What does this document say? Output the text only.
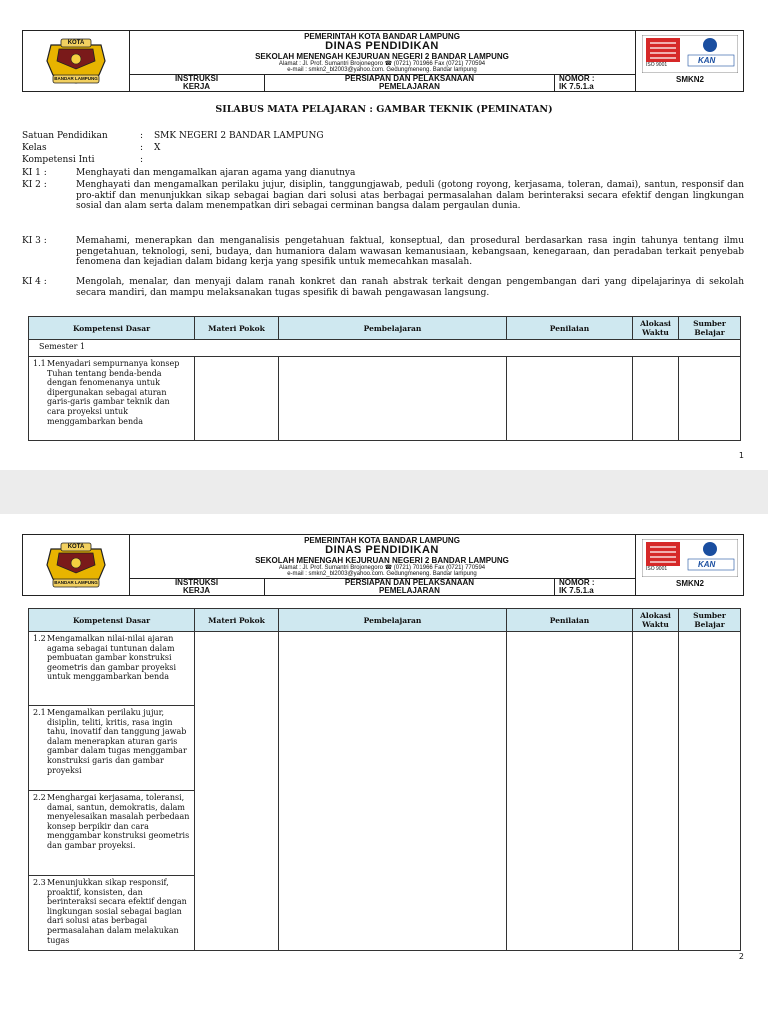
KOTA
BANDAR LAMPUNG
PEMERINTAH KOTA BANDAR LAMPUNG
DINAS PENDIDIKAN
SEKOLAH MENENGAH KEJURUAN NEGERI 2 BANDAR LAMPUNG
Alamat : Jl. Prof. Sumantri Brojonegoro ☎ (0721) 701966 Fax (0721) 770594
e-mail : smkn2_bl2003@yahoo.com. Gedungmeneng. Bandar lampung
INSTRUKSI KERJA
PERSIAPAN DAN PELAKSANAAN
PEMELAJARAN
NOMOR :
IK 7.5.1.a
ISO 9001	KAN
SMKN2
SILABUS MATA PELAJARAN : GAMBAR TEKNIK (PEMINATAN)
Satuan Pendidikan	: SMK NEGERI 2 BANDAR LAMPUNG
Kelas	: X
Kompetensi Inti	:
KI 1 :	Menghayati dan mengamalkan ajaran agama yang dianutnya
KI 2 :	Menghayati dan mengamalkan perilaku jujur, disiplin, tanggungjawab, peduli (gotong royong, kerjasama, toleran, damai), santun, responsif dan pro-aktif dan menunjukkan sikap sebagai bagian dari solusi atas berbagai permasalahan dalam berinteraksi secara efektif dengan lingkungan sosial dan alam serta dalam menempatkan diri sebagai cerminan bangsa dalam pergaulan dunia.
KI 3 :	Memahami, menerapkan dan menganalisis pengetahuan faktual, konseptual, dan prosedural berdasarkan rasa ingin tahunya tentang ilmu pengetahuan, teknologi, seni, budaya, dan humaniora dalam wawasan kemanusiaan, kebangsaan, kenegaraan, dan peradaban terkait penyebab fenomena dan kejadian dalam bidang kerja yang spesifik untuk memecahkan masalah.
KI 4 :	Mengolah, menalar, dan menyaji dalam ranah konkret dan ranah abstrak terkait dengan pengembangan dari yang dipelajarinya di sekolah secara mandiri, dan mampu melaksanakan tugas spesifik di bawah pengawasan langsung.
Kompetensi Dasar	Materi Pokok	Pembelajaran	Penilaian	Alokasi Waktu	Sumber Belajar
Semester 1					

1.1 Menyadari sempurnanya konsep Tuhan tentang benda-benda dengan fenomenanya untuk dipergunakan sebagai aturan garis-garis gambar teknik dan cara proyeksi untuk menggambarkan benda					

1
KOTA
BANDAR LAMPUNG
PEMERINTAH KOTA BANDAR LAMPUNG
DINAS PENDIDIKAN
SEKOLAH MENENGAH KEJURUAN NEGERI 2 BANDAR LAMPUNG
Alamat : Jl. Prof. Sumantri Brojonegoro ☎ (0721) 701966 Fax (0721) 770594
e-mail : smkn2_bl2003@yahoo.com. Gedungmeneng. Bandar lampung
INSTRUKSI KERJA
PERSIAPAN DAN PELAKSANAAN
PEMELAJARAN
NOMOR :
IK 7.5.1.a
ISO 9001	KAN
SMKN2
Kompetensi Dasar	Materi Pokok	Pembelajaran	Penilaian	Alokasi Waktu	Sumber Belajar

1.2 Mengamalkan nilai-nilai ajaran agama sebagai tuntunan dalam pembuatan gambar konstruksi geometris dan gambar proyeksi untuk menggambarkan benda					

2.1 Mengamalkan perilaku jujur, disiplin, teliti, kritis, rasa ingin tahu, inovatif dan tanggung jawab dalam menerapkan aturan garis gambar dalam tugas menggambar konstruksi garis dan gambar proyeksi					

2.2 Menghargai kerjasama, toleransi, damai, santun, demokratis, dalam menyelesaikan masalah perbedaan konsep berpikir dan cara menggambar konstruksi geometris dan gambar proyeksi.					

2.3 Menunjukkan sikap responsif, proaktif, konsisten, dan berinteraksi secara efektif dengan lingkungan sosial sebagai bagian dari solusi atas berbagai permasalahan dalam melakukan tugas					
2
